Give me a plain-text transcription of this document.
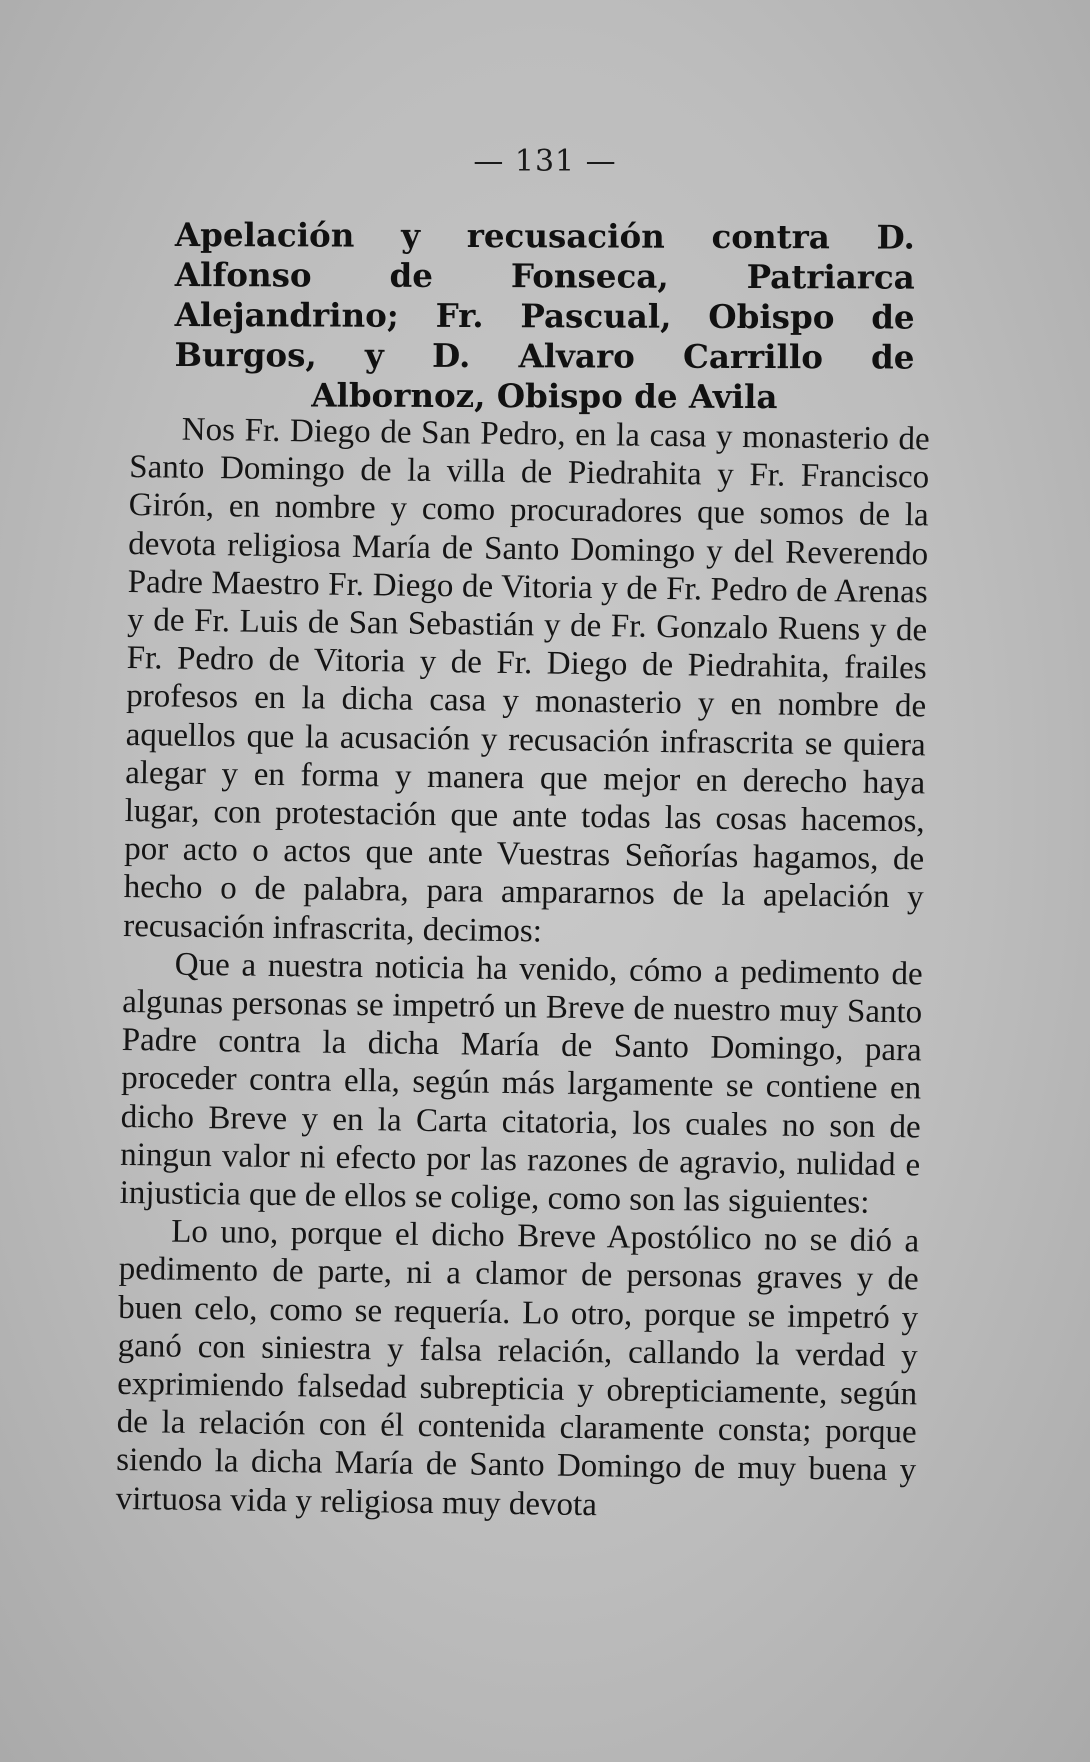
— 131 —
Apelación y recusación contra D. Alfonso de Fonseca, Patriarca Alejandrino; Fr. Pascual, Obispo de Burgos, y D. Alvaro Carrillo de Albornoz, Obispo de Avila

Nos Fr. Diego de San Pedro, en la casa y monasterio de Santo Domingo de la villa de Piedrahita y Fr. Francisco Girón, en nombre y como procuradores que somos de la devota religiosa María de Santo Domingo y del Reverendo Padre Maestro Fr. Diego de Vitoria y de Fr. Pedro de Arenas y de Fr. Luis de San Sebastián y de Fr. Gonzalo Ruens y de Fr. Pedro de Vitoria y de Fr. Diego de Piedrahita, frailes profesos en la dicha casa y monasterio y en nombre de aquellos que la acusación y recusación infrascrita se quiera alegar y en forma y manera que mejor en derecho haya lugar, con protestación que ante todas las cosas hacemos, por acto o actos que ante Vuestras Señorías hagamos, de hecho o de palabra, para ampararnos de la apelación y recusación infrascrita, decimos:

Que a nuestra noticia ha venido, cómo a pedimento de algunas personas se impetró un Breve de nuestro muy Santo Padre contra la dicha María de Santo Domingo, para proceder contra ella, según más largamente se contiene en dicho Breve y en la Carta citatoria, los cuales no son de ningun valor ni efecto por las razones de agravio, nulidad e injusticia que de ellos se colige, como son las siguientes:

Lo uno, porque el dicho Breve Apostólico no se dió a pedimento de parte, ni a clamor de personas graves y de buen celo, como se requería. Lo otro, porque se impetró y ganó con siniestra y falsa relación, callando la verdad y exprimiendo falsedad subrepticia y obrepticiamente, según de la relación con él contenida claramente consta; porque siendo la dicha María de Santo Domingo de muy buena y virtuosa vida y religiosa muy devota
